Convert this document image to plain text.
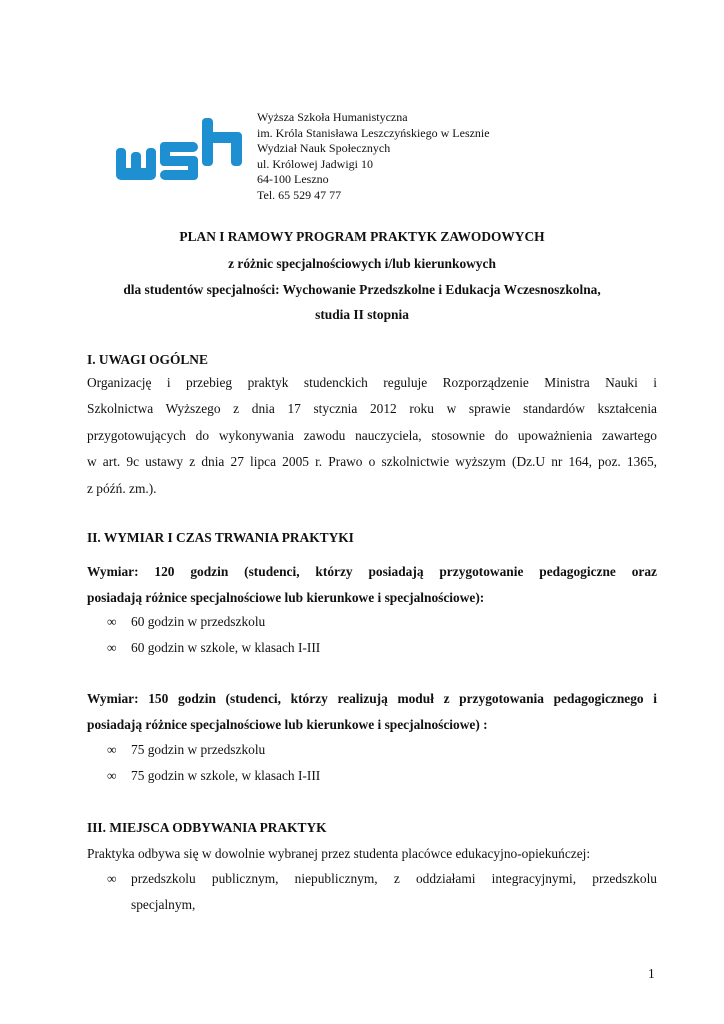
Wyższa Szkoła Humanistyczna
im. Króla Stanisława Leszczyńskiego w Lesznie
Wydział Nauk Społecznych
ul. Królowej Jadwigi 10
64-100 Leszno
Tel. 65 529 47 77
PLAN I RAMOWY PROGRAM PRAKTYK ZAWODOWYCH
z różnic specjalnościowych i/lub kierunkowych
dla studentów specjalności: Wychowanie Przedszkolne i Edukacja Wczesnoszkolna,
studia II stopnia
I. UWAGI OGÓLNE
Organizację i przebieg praktyk studenckich reguluje Rozporządzenie Ministra Nauki i
Szkolnictwa Wyższego z dnia 17 stycznia 2012 roku w sprawie standardów kształcenia
przygotowujących do wykonywania zawodu nauczyciela, stosownie do upoważnienia zawartego
w art. 9c ustawy z dnia 27 lipca 2005 r. Prawo o szkolnictwie wyższym (Dz.U nr 164, poz. 1365,
z późń. zm.).
II. WYMIAR I CZAS TRWANIA PRAKTYKI
Wymiar: 120 godzin (studenci, którzy posiadają przygotowanie pedagogiczne oraz
posiadają różnice specjalnościowe lub kierunkowe i specjalnościowe):
∞ 60 godzin w przedszkolu
∞ 60 godzin w szkole, w klasach I-III
Wymiar: 150 godzin (studenci, którzy realizują moduł z przygotowania pedagogicznego i
posiadają różnice specjalnościowe lub kierunkowe i specjalnościowe) :
∞ 75 godzin w przedszkolu
∞ 75 godzin w szkole, w klasach I-III
III. MIEJSCA ODBYWANIA PRAKTYK
Praktyka odbywa się w dowolnie wybranej przez studenta placówce edukacyjno-opiekuńczej:
∞ przedszkolu publicznym, niepublicznym, z oddziałami integracyjnymi, przedszkolu
specjalnym,
1
